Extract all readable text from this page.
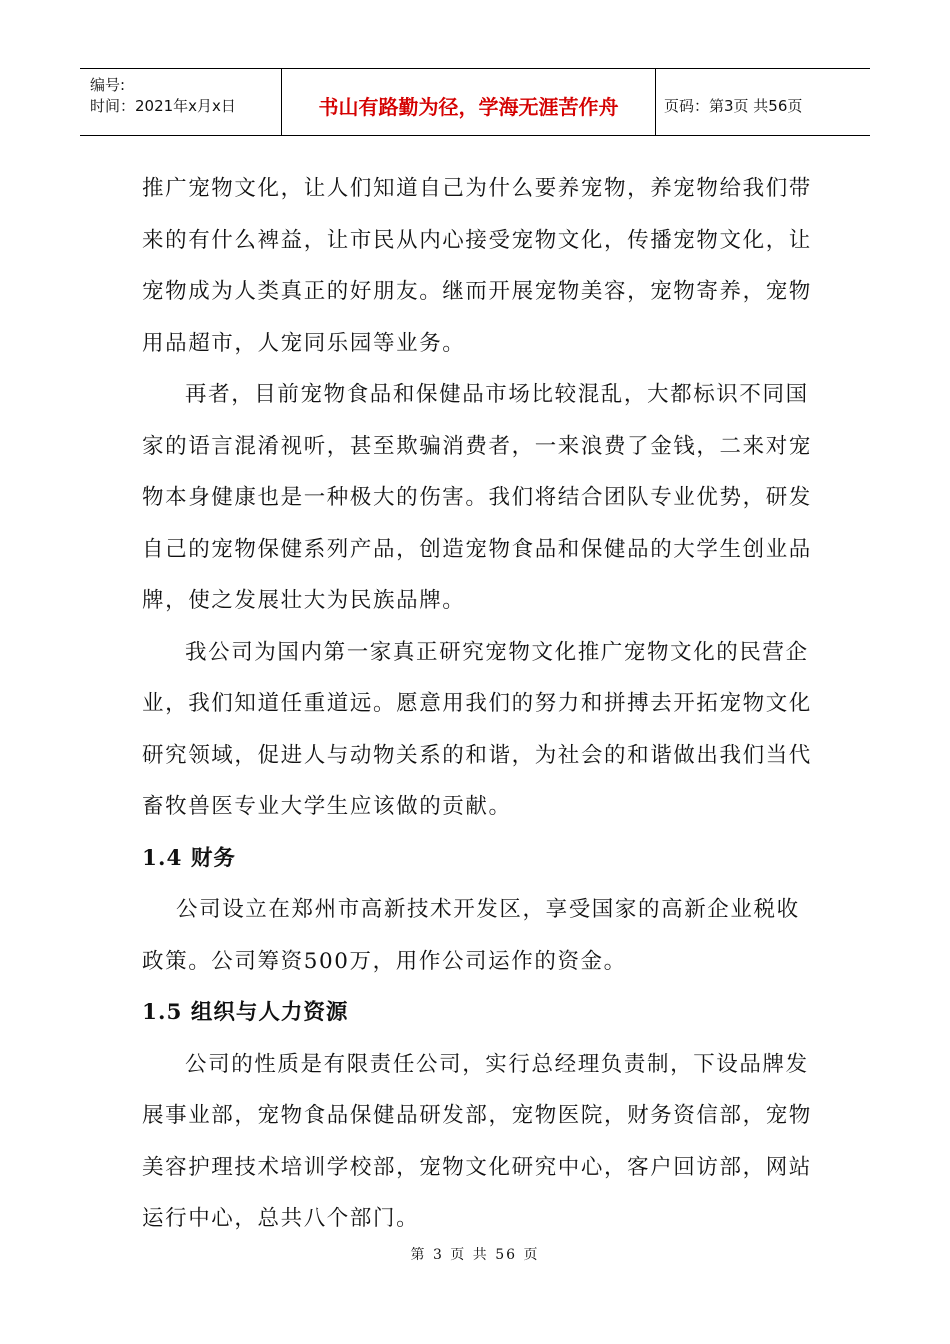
编号:
时间：2021年x月x日	书山有路勤为径，学海无涯苦作舟	页码：第3页 共56页

推广宠物文化，让人们知道自己为什么要养宠物，养宠物给我们带来的有什么裨益，让市民从内心接受宠物文化，传播宠物文化，让宠物成为人类真正的好朋友。继而开展宠物美容，宠物寄养，宠物用品超市，人宠同乐园等业务。

再者，目前宠物食品和保健品市场比较混乱，大都标识不同国家的语言混淆视听，甚至欺骗消费者，一来浪费了金钱，二来对宠物本身健康也是一种极大的伤害。我们将结合团队专业优势，研发自己的宠物保健系列产品，创造宠物食品和保健品的大学生创业品牌，使之发展壮大为民族品牌。

我公司为国内第一家真正研究宠物文化推广宠物文化的民营企业，我们知道任重道远。愿意用我们的努力和拼搏去开拓宠物文化研究领域，促进人与动物关系的和谐，为社会的和谐做出我们当代畜牧兽医专业大学生应该做的贡献。

1.4 财务

公司设立在郑州市高新技术开发区，享受国家的高新企业税收政策。公司筹资500万，用作公司运作的资金。

1.5 组织与人力资源

公司的性质是有限责任公司，实行总经理负责制，下设品牌发展事业部，宠物食品保健品研发部，宠物医院，财务资信部，宠物美容护理技术培训学校部，宠物文化研究中心，客户回访部，网站运行中心，总共八个部门。

第 3 页 共 56 页
